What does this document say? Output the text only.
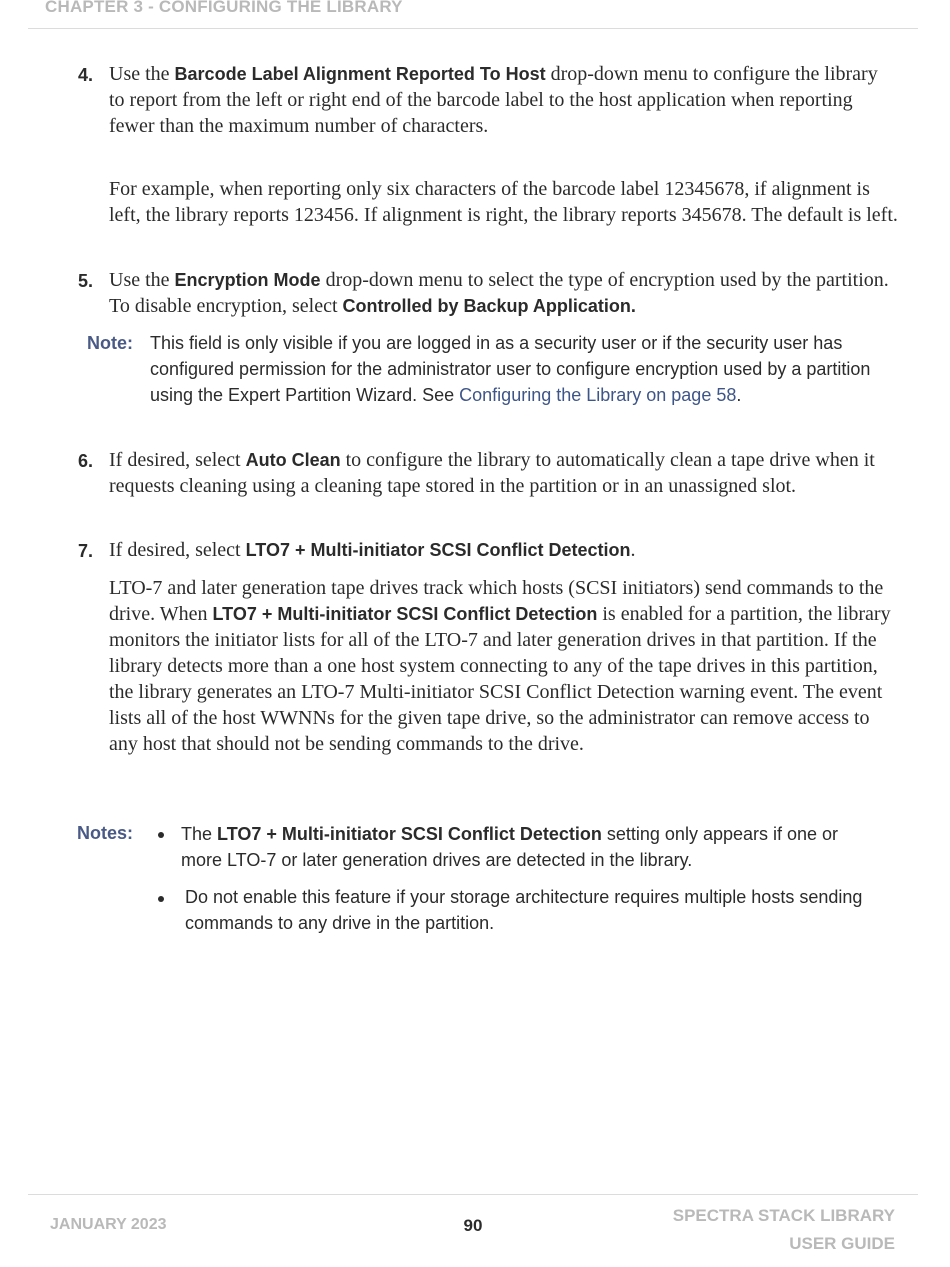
CHAPTER 3 - CONFIGURING THE LIBRARY
4. Use the Barcode Label Alignment Reported To Host drop-down menu to configure the library to report from the left or right end of the barcode label to the host application when reporting fewer than the maximum number of characters.
For example, when reporting only six characters of the barcode label 12345678, if alignment is left, the library reports 123456. If alignment is right, the library reports 345678. The default is left.
5. Use the Encryption Mode drop-down menu to select the type of encryption used by the partition. To disable encryption, select Controlled by Backup Application.
Note: This field is only visible if you are logged in as a security user or if the security user has configured permission for the administrator user to configure encryption used by a partition using the Expert Partition Wizard. See Configuring the Library on page 58.
6. If desired, select Auto Clean to configure the library to automatically clean a tape drive when it requests cleaning using a cleaning tape stored in the partition or in an unassigned slot.
7. If desired, select LTO7 + Multi-initiator SCSI Conflict Detection.
LTO-7 and later generation tape drives track which hosts (SCSI initiators) send commands to the drive. When LTO7 + Multi-initiator SCSI Conflict Detection is enabled for a partition, the library monitors the initiator lists for all of the LTO-7 and later generation drives in that partition. If the library detects more than a one host system connecting to any of the tape drives in this partition, the library generates an LTO-7 Multi-initiator SCSI Conflict Detection warning event. The event lists all of the host WWNNs for the given tape drive, so the administrator can remove access to any host that should not be sending commands to the drive.
Notes:	The LTO7 + Multi-initiator SCSI Conflict Detection setting only appears if one or more LTO-7 or later generation drives are detected in the library.
Do not enable this feature if your storage architecture requires multiple hosts sending commands to any drive in the partition.
JANUARY 2023	90
SPECTRA STACK LIBRARY
USER GUIDE
